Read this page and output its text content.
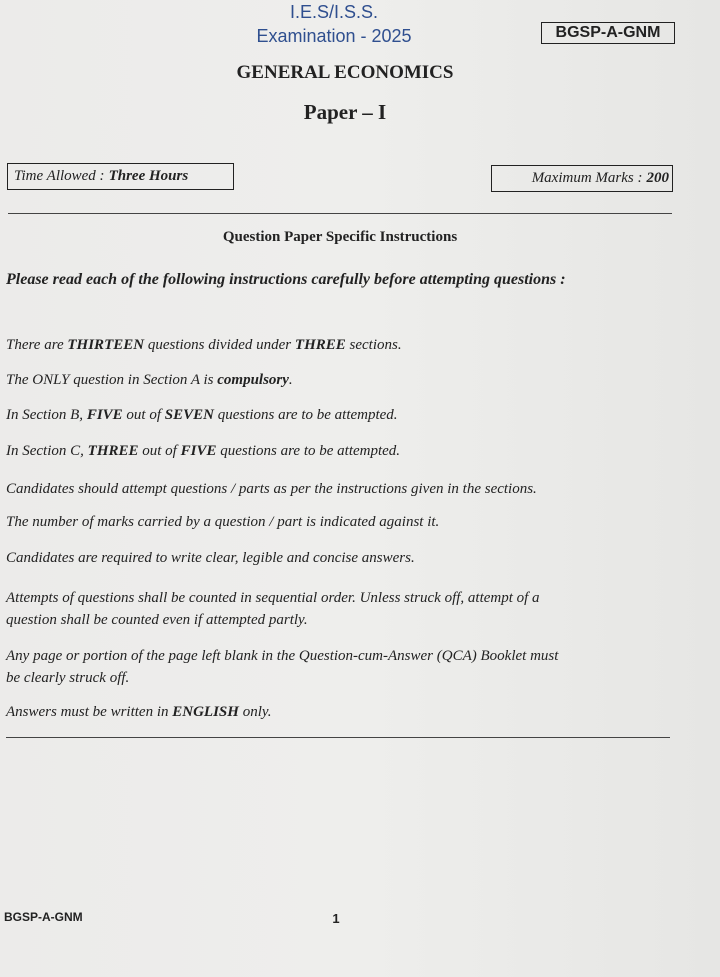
I.E.S/I.S.S.
Examination - 2025	BGSP-A-GNM
GENERAL ECONOMICS
Paper – I
Time Allowed : Three Hours	Maximum Marks : 200
Question Paper Specific Instructions
Please read each of the following instructions carefully before attempting questions :
There are THIRTEEN questions divided under THREE sections.
The ONLY question in Section A is compulsory.
In Section B, FIVE out of SEVEN questions are to be attempted.
In Section C, THREE out of FIVE questions are to be attempted.
Candidates should attempt questions / parts as per the instructions given in the sections.
The number of marks carried by a question / part is indicated against it.
Candidates are required to write clear, legible and concise answers.
Attempts of questions shall be counted in sequential order. Unless struck off, attempt of a
question shall be counted even if attempted partly.
Any page or portion of the page left blank in the Question-cum-Answer (QCA) Booklet must
be clearly struck off.
Answers must be written in ENGLISH only.
BGSP-A-GNM	1
